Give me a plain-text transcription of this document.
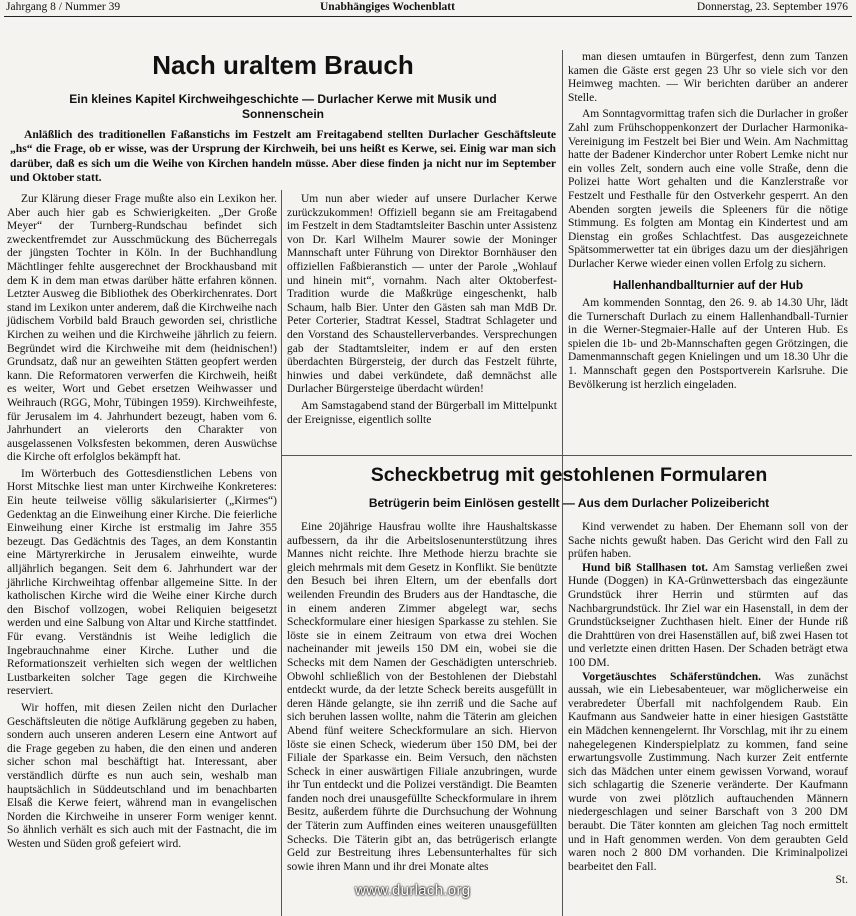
Jahrgang 8 / Nummer 39	Unabhängiges Wochenblatt	Donnerstag, 23. September 1976
Nach uraltem Brauch

Ein kleines Kapitel Kirchweihgeschichte — Durlacher Kerwe mit Musik und Sonnenschein

Anläßlich des traditionellen Faßanstichs im Festzelt am Freitagabend stellten Durlacher Geschäftsleute „hs“ die Frage, ob er wisse, was der Ursprung der Kirchweih, bei uns heißt es Kerwe, sei. Einig war man sich darüber, daß es sich um die Weihe von Kirchen handeln müsse. Aber diese finden ja nicht nur im September und Oktober statt.

Zur Klärung dieser Frage mußte also ein Lexikon her. Aber auch hier gab es Schwierigkeiten. „Der Große Meyer“ der Turnberg-Rundschau befindet sich zweckentfremdet zur Ausschmückung des Bücherregals der jüngsten Tochter in Köln. In der Buchhandlung Mächtlinger fehlte ausgerechnet der Brockhausband mit dem K in dem man etwas darüber hätte erfahren können. Letzter Ausweg die Bibliothek des Oberkirchenrates. Dort stand im Lexikon unter anderem, daß die Kirchweihe nach jüdischem Vorbild bald Brauch geworden sei, christliche Kirchen zu weihen und die Kirchweihe jährlich zu feiern. Begründet wird die Kirchweihe mit dem (heidnischen!) Grundsatz, daß nur an geweihten Stätten geopfert werden kann. Die Reformatoren verwerfen die Kirchweih, heißt es weiter, Wort und Gebet ersetzen Weihwasser und Weihrauch (RGG, Mohr, Tübingen 1959). Kirchweihfeste, für Jerusalem im 4. Jahrhundert bezeugt, haben vom 6. Jahrhundert an vielerorts den Charakter von ausgelassenen Volksfesten bekommen, deren Auswüchse die Kirche oft erfolglos bekämpft hat.

Im Wörterbuch des Gottesdienstlichen Lebens von Horst Mitschke liest man unter Kirchweihe Konkreteres: Ein heute teilweise völlig säkularisierter („Kirmes“) Gedenktag an die Einweihung einer Kirche. Die feierliche Einweihung einer Kirche ist erstmalig im Jahre 355 bezeugt. Das Gedächtnis des Tages, an dem Konstantin eine Märtyrerkirche in Jerusalem einweihte, wurde alljährlich begangen. Seit dem 6. Jahrhundert war der jährliche Kirchweihtag offenbar allgemeine Sitte. In der katholischen Kirche wird die Weihe einer Kirche durch den Bischof vollzogen, wobei Reliquien beigesetzt werden und eine Salbung von Altar und Kirche stattfindet. Für evang. Verständnis ist Weihe lediglich die Ingebrauchnahme einer Kirche. Luther und die Reformationszeit verhielten sich wegen der weltlichen Lustbarkeiten solcher Tage gegen die Kirchweihe reserviert.

Wir hoffen, mit diesen Zeilen nicht den Durlacher Geschäftsleuten die nötige Aufklärung gegeben zu haben, sondern auch unseren anderen Lesern eine Antwort auf die Frage gegeben zu haben, die den einen und anderen sicher schon mal beschäftigt hat. Interessant, aber verständlich dürfte es nun auch sein, weshalb man hauptsächlich in Süddeutschland und im benachbarten Elsaß die Kerwe feiert, während man in evangelischen Norden die Kirchweihe in unserer Form weniger kennt. So ähnlich verhält es sich auch mit der Fastnacht, die im Westen und Süden groß gefeiert wird.

Um nun aber wieder auf unsere Durlacher Kerwe zurückzukommen! Offiziell begann sie am Freitagabend im Festzelt in dem Stadtamtsleiter Baschin unter Assistenz von Dr. Karl Wilhelm Maurer sowie der Moninger Mannschaft unter Führung von Direktor Bornhäuser den offiziellen Faßbieranstich — unter der Parole „Wohlauf und hinein mit“, vornahm. Nach alter Oktoberfest-Tradition wurde die Maßkrüge eingeschenkt, halb Schaum, halb Bier. Unter den Gästen sah man MdB Dr. Peter Corterier, Stadtrat Kessel, Stadtrat Schlageter und den Vorstand des Schaustellerverbandes. Versprechungen gab der Stadtamtsleiter, indem er auf den ersten überdachten Bürgersteig, der durch das Festzelt führte, hinwies und dabei verkündete, daß demnächst alle Durlacher Bürgersteige überdacht würden!

Am Samstagabend stand der Bürgerball im Mittelpunkt der Ereignisse, eigentlich sollte

man diesen umtaufen in Bürgerfest, denn zum Tanzen kamen die Gäste erst gegen 23 Uhr so viele sich vor den Heimweg machten. — Wir berichten darüber an anderer Stelle.

Am Sonntagvormittag trafen sich die Durlacher in großer Zahl zum Frühschoppenkonzert der Durlacher Harmonika-Vereinigung im Festzelt bei Bier und Wein. Am Nachmittag hatte der Badener Kinderchor unter Robert Lemke nicht nur ein volles Zelt, sondern auch eine volle Straße, denn die Polizei hatte Wort gehalten und die Kanzlerstraße vor Festzelt und Festhalle für den Ostverkehr gesperrt. An den Abenden sorgten jeweils die Spleeners für die nötige Stimmung. Es folgten am Montag ein Kindertest und am Dienstag ein großes Schlachtfest. Das ausgezeichnete Spätsommerwetter tat ein übriges dazu um der diesjährigen Durlacher Kerwe wieder einen vollen Erfolg zu sichern.

Hallenhandballturnier auf der Hub

Am kommenden Sonntag, den 26. 9. ab 14.30 Uhr, lädt die Turnerschaft Durlach zu einem Hallenhandball-Turnier in die Werner-Stegmaier-Halle auf der Unteren Hub. Es spielen die 1b- und 2b-Mannschaften gegen Grötzingen, die Damenmannschaft gegen Knielingen und um 18.30 Uhr die 1. Mannschaft gegen den Postsportverein Karlsruhe. Die Bevölkerung ist herzlich eingeladen.

Scheckbetrug mit gestohlenen Formularen

Betrügerin beim Einlösen gestellt — Aus dem Durlacher Polizeibericht

Eine 20jährige Hausfrau wollte ihre Haushaltskasse aufbessern, da ihr die Arbeitslosenunterstützung ihres Mannes nicht reichte. Ihre Methode hierzu brachte sie gleich mehrmals mit dem Gesetz in Konflikt. Sie benützte den Besuch bei ihren Eltern, um der ebenfalls dort weilenden Freundin des Bruders aus der Handtasche, die in einem anderen Zimmer abgelegt war, sechs Scheckformulare einer hiesigen Sparkasse zu stehlen. Sie löste sie in einem Zeitraum von etwa drei Wochen nacheinander mit jeweils 150 DM ein, wobei sie die Schecks mit dem Namen der Geschädigten unterschrieb. Obwohl schließlich von der Bestohlenen der Diebstahl entdeckt wurde, da der letzte Scheck bereits ausgefüllt in deren Hände gelangte, sie ihn zerriß und die Sache auf sich beruhen lassen wollte, nahm die Täterin am gleichen Abend fünf weitere Scheckformulare an sich. Hiervon löste sie einen Scheck, wiederum über 150 DM, bei der Filiale der Sparkasse ein. Beim Versuch, den nächsten Scheck in einer auswärtigen Filiale anzubringen, wurde ihr Tun entdeckt und die Polizei verständigt. Die Beamten fanden noch drei unausgefüllte Scheckformulare in ihrem Besitz, außerdem führte die Durchsuchung der Wohnung der Täterin zum Auffinden eines weiteren unausgefüllten Schecks. Die Täterin gibt an, das betrügerisch erlangte Geld zur Bestreitung ihres Lebensunterhaltes für sich sowie ihren Mann und ihr drei Monate altes

Kind verwendet zu haben. Der Ehemann soll von der Sache nichts gewußt haben. Das Gericht wird den Fall zu prüfen haben.

Hund biß Stallhasen tot. Am Samstag verließen zwei Hunde (Doggen) in KA-Grünwettersbach das eingezäunte Grundstück ihrer Herrin und stürmten auf das Nachbargrundstück. Ihr Ziel war ein Hasenstall, in dem der Grundstückseigner Zuchthasen hielt. Einer der Hunde riß die Drahttüren von drei Hasenställen auf, biß zwei Hasen tot und verletzte einen dritten Hasen. Der Schaden beträgt etwa 100 DM.

Vorgetäuschtes Schäferstündchen. Was zunächst aussah, wie ein Liebesabenteuer, war möglicherweise ein verabredeter Überfall mit nachfolgendem Raub. Ein Kaufmann aus Sandweier hatte in einer hiesigen Gaststätte ein Mädchen kennengelernt. Ihr Vorschlag, mit ihr zu einem nahegelegenen Kinderspielplatz zu kommen, fand seine erwartungsvolle Zustimmung. Nach kurzer Zeit entfernte sich das Mädchen unter einem gewissen Vorwand, worauf sich schlagartig die Szenerie veränderte. Der Kaufmann wurde von zwei plötzlich auftauchenden Männern niedergeschlagen und seiner Barschaft von 3 200 DM beraubt. Die Täter konnten am gleichen Tag noch ermittelt und in Haft genommen werden. Von dem geraubten Geld waren noch 2 800 DM vorhanden. Die Kriminalpolizei bearbeitet den Fall.

St.

www.durlach.org
